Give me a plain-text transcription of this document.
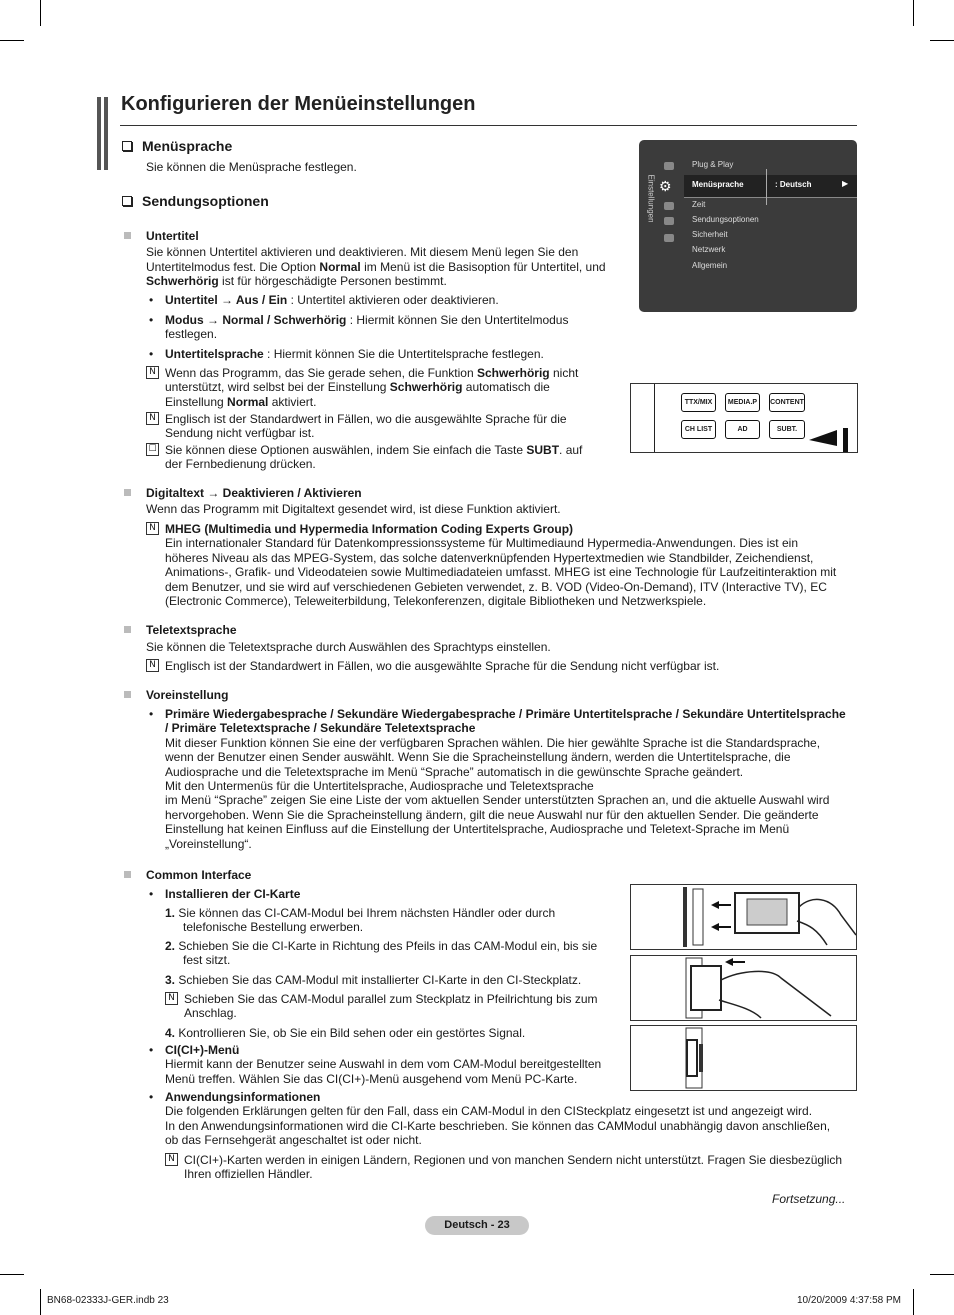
Konfigurieren der Menüeinstellungen
Menüsprache
Sie können die Menüsprache festlegen.
Sendungsoptionen	Einstellungen ⚙
Plug & Play
Menüsprache	: Deutsch	▶
Zeit
Sendungsoptionen
Sicherheit
Netzwerk
Allgemein
Untertitel
Sie können Untertitel aktivieren und deaktivieren. Mit diesem Menü legen Sie den
Untertitelmodus fest. Die Option Normal im Menü ist die Basisoption für Untertitel, und
Schwerhörig ist für hörgeschädigte Personen bestimmt.
• Untertitel → Aus / Ein : Untertitel aktivieren oder deaktivieren.
• Modus → Normal / Schwerhörig : Hiermit können Sie den Untertitelmodus
festlegen.
• Untertitelsprache : Hiermit können Sie die Untertitelsprache festlegen.
N Wenn das Programm, das Sie gerade sehen, die Funktion Schwerhörig nicht
unterstützt, wird selbst bei der Einstellung Schwerhörig automatisch die
Einstellung Normal aktiviert.
N Englisch ist der Standardwert in Fällen, wo die ausgewählte Sprache für die
Sendung nicht verfügbar ist.
☐ Sie können diese Optionen auswählen, indem Sie einfach die Taste SUBT. auf
der Fernbedienung drücken.
TTX/MIX	MEDIA.P	CONTENT
CH LIST	AD	SUBT.
Digitaltext → Deaktivieren / Aktivieren
Wenn das Programm mit Digitaltext gesendet wird, ist diese Funktion aktiviert.
N MHEG (Multimedia und Hypermedia Information Coding Experts Group)
Ein internationaler Standard für Datenkompressionssysteme für Multimediaund Hypermedia-Anwendungen. Dies ist ein
höheres Niveau als das MPEG-System, das solche datenverknüpfenden Hypertextmedien wie Standbilder, Zeichendienst,
Animations-, Grafik- und Videodateien sowie Multimediadateien umfasst. MHEG ist eine Technologie für Laufzeitinteraktion mit
dem Benutzer, und sie wird auf verschiedenen Gebieten verwendet, z. B. VOD (Video-On-Demand), ITV (Interactive TV), EC
(Electronic Commerce), Teleweiterbildung, Telekonferenzen, digitale Bibliotheken und Netzwerkspiele.
Teletextsprache
Sie können die Teletextsprache durch Auswählen des Sprachtyps einstellen.
N Englisch ist der Standardwert in Fällen, wo die ausgewählte Sprache für die Sendung nicht verfügbar ist.
Voreinstellung
• Primäre Wiedergabesprache / Sekundäre Wiedergabesprache / Primäre Untertitelsprache / Sekundäre Untertitelsprache
/ Primäre Teletextsprache / Sekundäre Teletextsprache
Mit dieser Funktion können Sie eine der verfügbaren Sprachen wählen. Die hier gewählte Sprache ist die Standardsprache,
wenn der Benutzer einen Sender auswählt. Wenn Sie die Spracheinstellung ändern, werden die Untertitelsprache, die
Audiosprache und die Teletextsprache im Menü “Sprache” automatisch in die gewünschte Sprache geändert.
Mit den Untermenüs für die Untertitelsprache, Audiosprache und Teletextsprache
im Menü “Sprache” zeigen Sie eine Liste der vom aktuellen Sender unterstützten Sprachen an, und die aktuelle Auswahl wird
hervorgehoben. Wenn Sie die Spracheinstellung ändern, gilt die neue Auswahl nur für den aktuellen Sender. Die geänderte
Einstellung hat keinen Einfluss auf die Einstellung der Untertitelsprache, Audiosprache und Teletext-Sprache im Menü
„Voreinstellung“.
Common Interface
• Installieren der CI-Karte
1. Sie können das CI-CAM-Modul bei Ihrem nächsten Händler oder durch
telefonische Bestellung erwerben.
2. Schieben Sie die CI-Karte in Richtung des Pfeils in das CAM-Modul ein, bis sie
fest sitzt.
3. Schieben Sie das CAM-Modul mit installierter CI-Karte in den CI-Steckplatz.
N Schieben Sie das CAM-Modul parallel zum Steckplatz in Pfeilrichtung bis zum
Anschlag.
4. Kontrollieren Sie, ob Sie ein Bild sehen oder ein gestörtes Signal.
• CI(CI+)-Menü
Hiermit kann der Benutzer seine Auswahl in dem vom CAM-Modul bereitgestellten
Menü treffen. Wählen Sie das CI(CI+)-Menü ausgehend vom Menü PC-Karte.
• Anwendungsinformationen
Die folgenden Erklärungen gelten für den Fall, dass ein CAM-Modul in den CISteckplatz eingesetzt ist und angezeigt wird.
In den Anwendungsinformationen wird die CI-Karte beschrieben. Sie können das CAMModul unabhängig davon anschließen,
ob das Fernsehgerät angeschaltet ist oder nicht.
N CI(CI+)-Karten werden in einigen Ländern, Regionen und von manchen Sendern nicht unterstützt. Fragen Sie diesbezüglich
Ihren offiziellen Händler.
Fortsetzung...
Deutsch - 23
BN68-02333J-GER.indb 23	10/20/2009 4:37:58 PM
